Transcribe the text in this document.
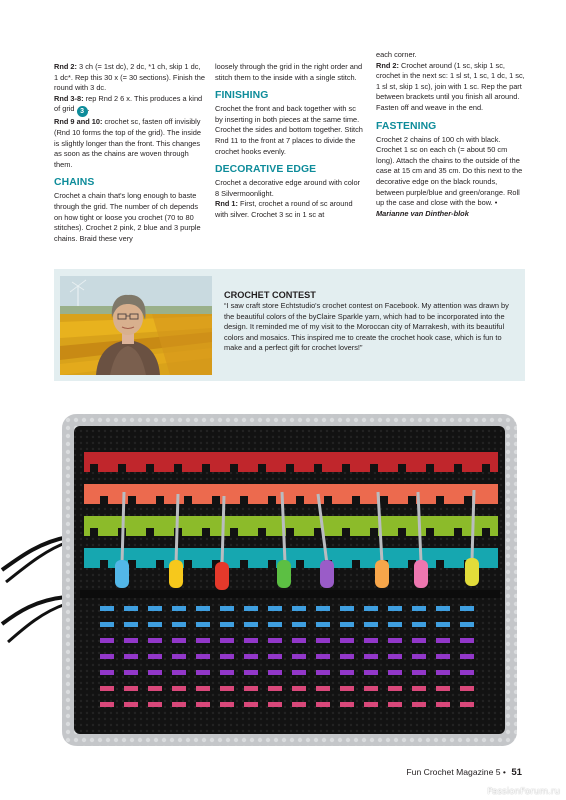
Rnd 2: 3 ch (= 1st dc), 2 dc, *1 ch, skip 1 dc, 1 dc*. Rep this 30 x (= 30 sections). Finish the round with 3 dc.

Rnd 3-8: rep Rnd 2 6 x. This produces a kind of grid 3 .

Rnd 9 and 10: crochet sc, fasten off invisibly (Rnd 10 forms the top of the grid). The inside is slightly longer than the front. This changes as soon as the chains are woven through them.

CHAINS

Crochet a chain that's long enough to baste through the grid. The number of ch depends on how tight or loose you crochet (70 to 80 stitches). Crochet 2 pink, 2 blue and 3 purple chains. Braid these very

loosely through the grid in the right order and stitch them to the inside with a single stitch.

FINISHING

Crochet the front and back together with sc by inserting in both pieces at the same time. Crochet the sides and bottom together. Stitch Rnd 11 to the front at 7 places to divide the crochet hooks evenly.

DECORATIVE EDGE

Crochet a decorative edge around with color 8 Silvermoonlight.

Rnd 1: First, crochet a round of sc around with silver. Crochet 3 sc in 1 sc at

each corner.

Rnd 2: Crochet around (1 sc, skip 1 sc, crochet in the next sc: 1 sl st, 1 sc, 1 dc, 1 sc, 1 sl st, skip 1 sc), join with 1 sc. Rep the part between brackets until you finish all around. Fasten off and weave in the end.

FASTENING

Crochet 2 chains of 100 ch with black. Crochet 1 sc on each ch (= about 50 cm long). Attach the chains to the outside of the case at 15 cm and 35 cm. Do this next to the decorative edge on the black rounds, between purple/blue and green/orange. Roll up the case and close with the bow. •

Marianne van Dinther-blok

CROCHET CONTEST

“I saw craft store Echtstudio's crochet contest on Facebook. My attention was drawn by the beautiful colors of the byClaire Sparkle yarn, which had to be incorporated into the design. It reminded me of my visit to the Moroccan city of Marrakesh, with its beautiful colors and mosaics. This inspired me to create the crochet hook case, which is fun to make and a perfect gift for crochet lovers!”

Fun Crochet Magazine 5 • 51
PassionForum.ru
